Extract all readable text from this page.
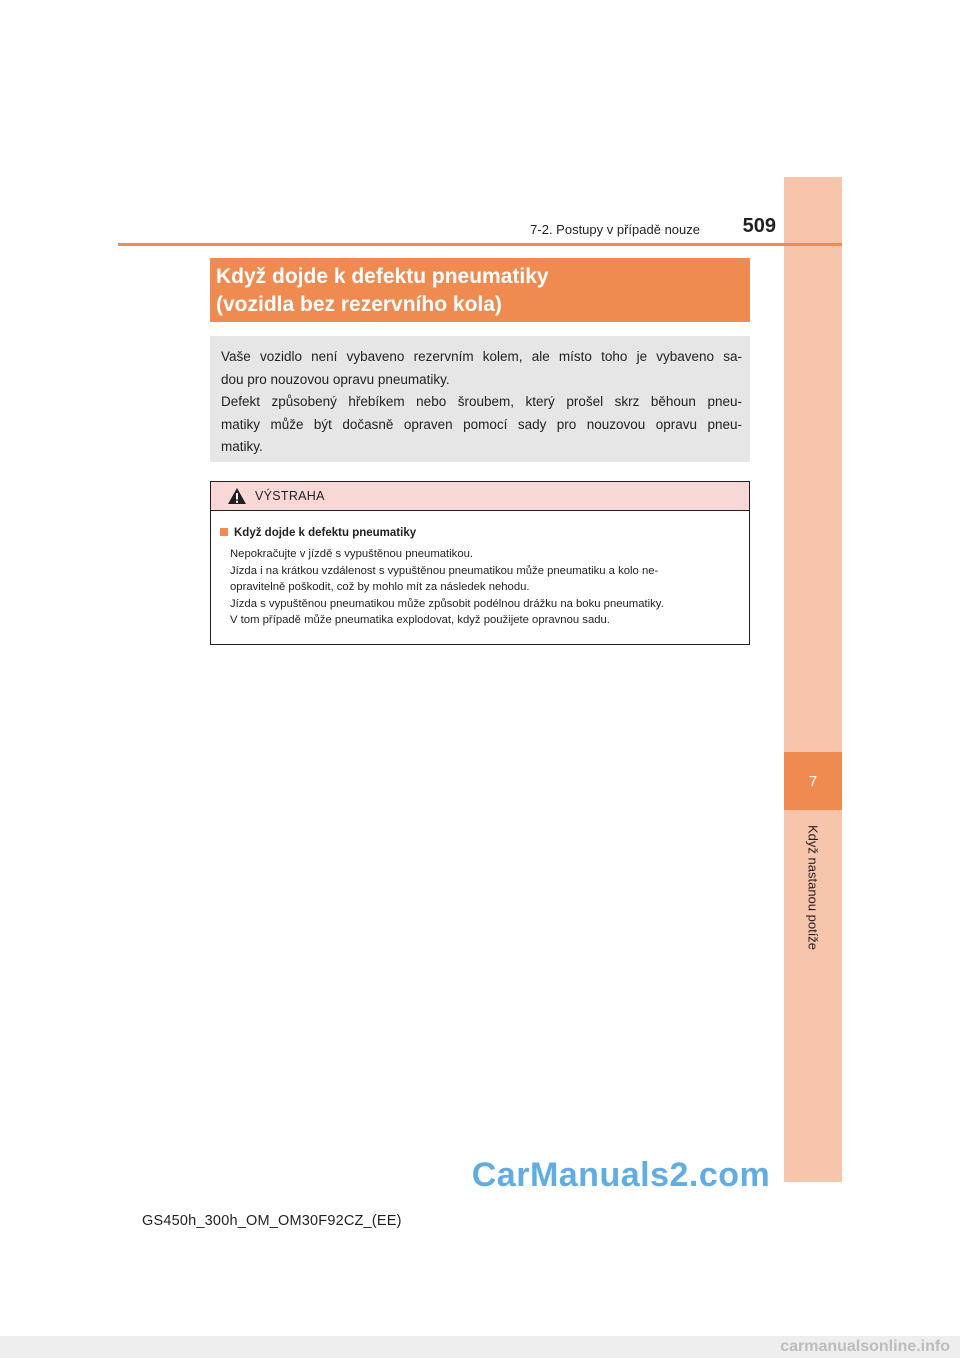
7
Když nastanou potíže
7-2. Postupy v případě nouze	509
Když dojde k defektu pneumatiky
(vozidla bez rezervního kola)
Vaše vozidlo není vybaveno rezervním kolem, ale místo toho je vybaveno sa-
dou pro nouzovou opravu pneumatiky.
Defekt způsobený hřebíkem nebo šroubem, který prošel skrz běhoun pneu-
matiky může být dočasně opraven pomocí sady pro nouzovou opravu pneu-
matiky.
VÝSTRAHA
Když dojde k defektu pneumatiky
Nepokračujte v jízdě s vypuštěnou pneumatikou.
Jízda i na krátkou vzdálenost s vypuštěnou pneumatikou může pneumatiku a kolo ne-
opravitelně poškodit, což by mohlo mít za následek nehodu.
Jízda s vypuštěnou pneumatikou může způsobit podélnou drážku na boku pneumatiky.
V tom případě může pneumatika explodovat, když použijete opravnou sadu.
CarManuals2.com
GS450h_300h_OM_OM30F92CZ_(EE)
carmanualsonline.info
